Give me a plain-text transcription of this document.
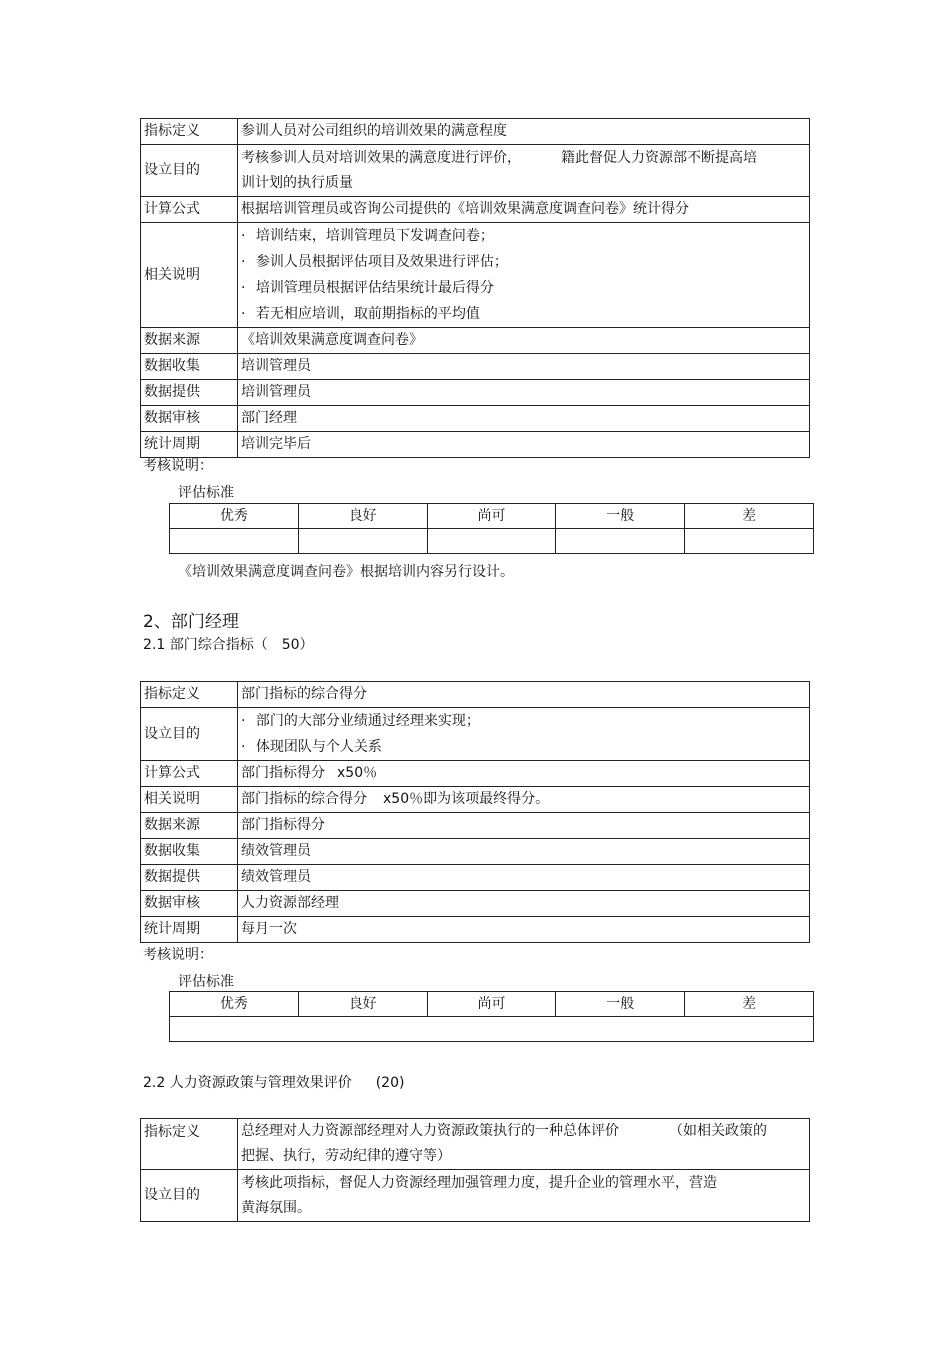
指标定义	参训人员对公司组织的培训效果的满意程度
设立目的	考核参训人员对培训效果的满意度进行评价， 籍此督促人力资源部不断提高培
训计划的执行质量
计算公式	根据培训管理员或咨询公司提供的《培训效果满意度调查问卷》统计得分
相关说明	· 培训结束，培训管理员下发调查问卷；
· 参训人员根据评估项目及效果进行评估；
· 培训管理员根据评估结果统计最后得分
· 若无相应培训，取前期指标的平均值

数据来源	《培训效果满意度调查问卷》
数据收集	培训管理员
数据提供	培训管理员
数据审核	部门经理
统计周期	培训完毕后
考核说明：
评估标准
优秀	良好	尚可	一般	差

《培训效果满意度调查问卷》根据培训内容另行设计。
2、部门经理
2.1 部门综合指标（ 50）
指标定义	部门指标的综合得分
设立目的	· 部门的大部分业绩通过经理来实现；
· 体现团队与个人关系

计算公式	部门指标得分 x50％
相关说明	部门指标的综合得分 x50％即为该项最终得分。
数据来源	部门指标得分
数据收集	绩效管理员
数据提供	绩效管理员
数据审核	人力资源部经理
统计周期	每月一次
考核说明：
评估标准
优秀	良好	尚可	一般	差

2.2 人力资源政策与管理效果评价 (20)
指标定义	总经理对人力资源部经理对人力资源政策执行的一种总体评价 （如相关政策的
把握、执行，劳动纪律的遵守等）
设立目的	考核此项指标，督促人力资源经理加强管理力度，提升企业的管理水平，营造
黄海氛围。
